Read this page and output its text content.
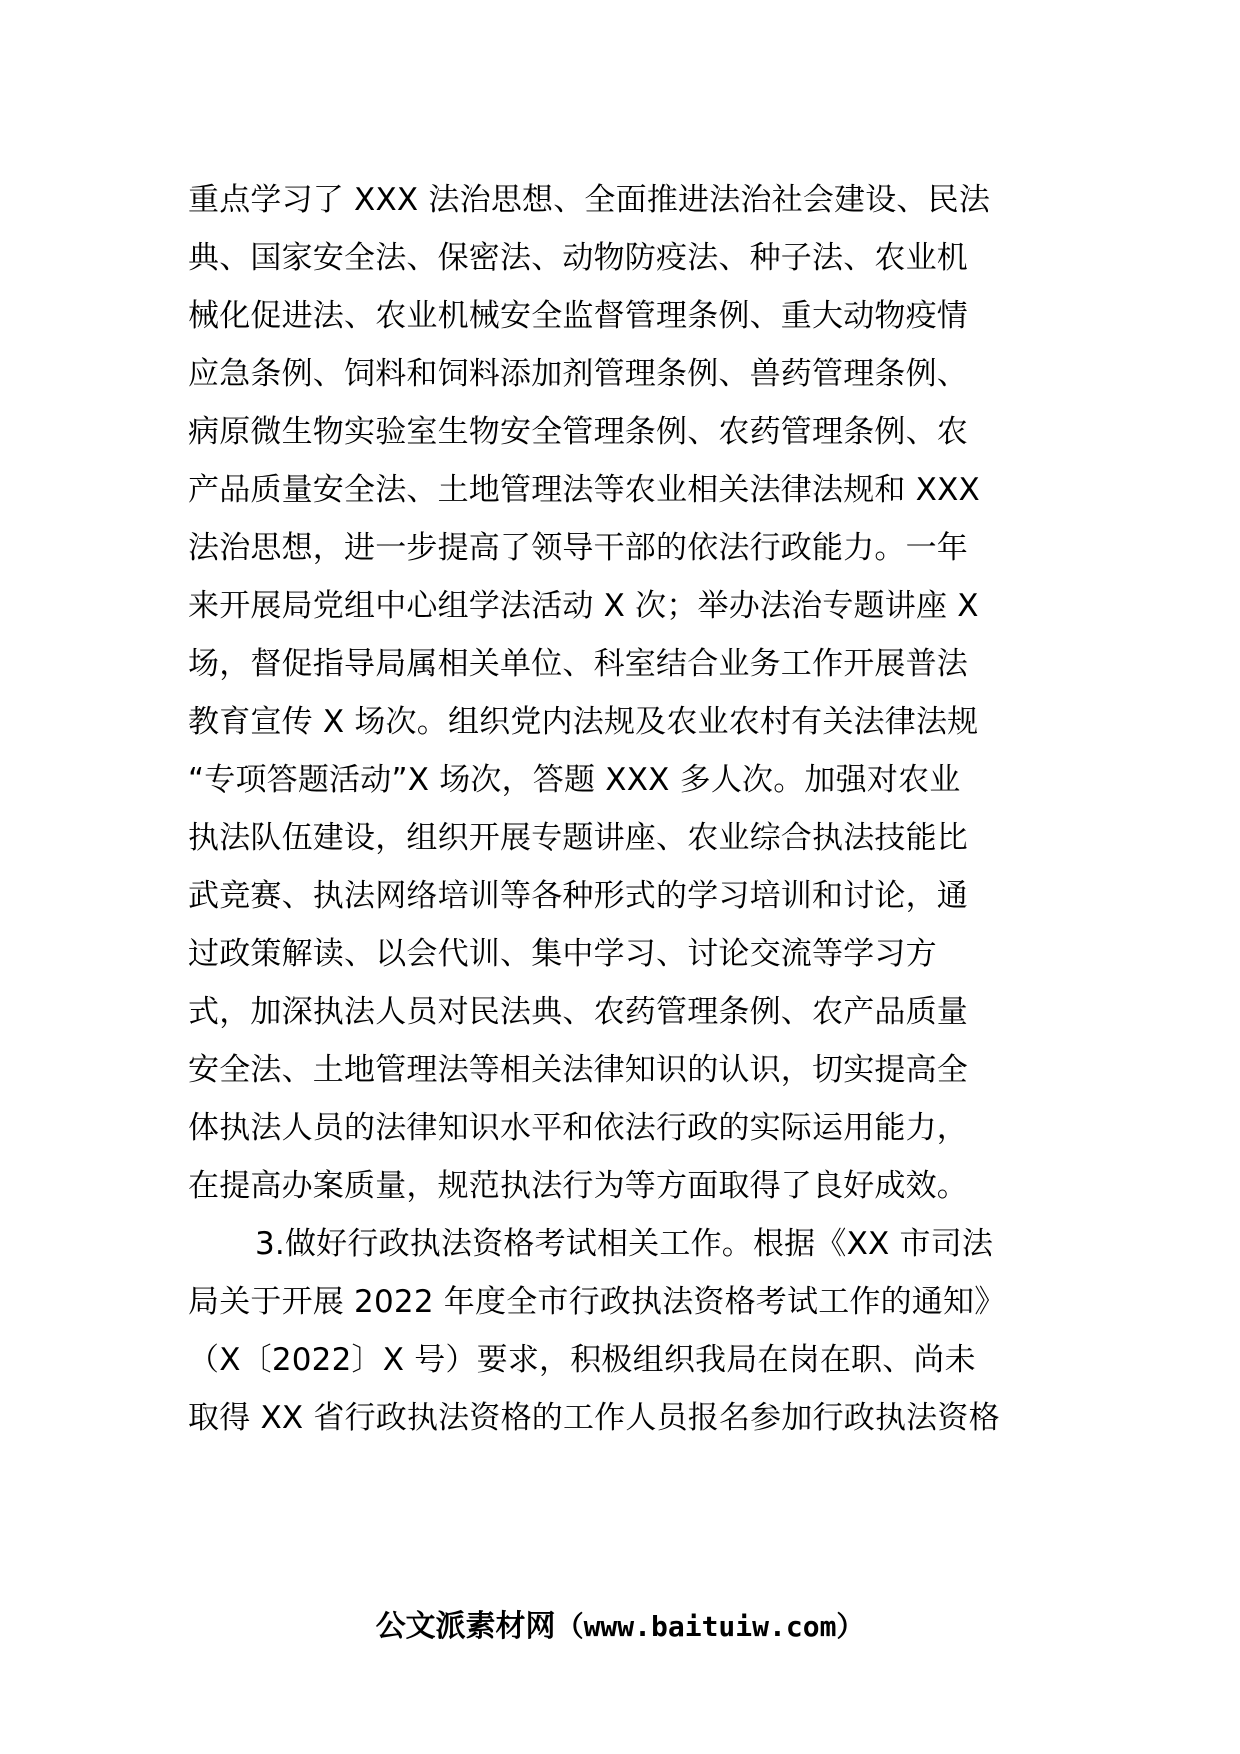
重点学习了 XXX 法治思想、全面推进法治社会建设、民法
典、国家安全法、保密法、动物防疫法、种子法、农业机
械化促进法、农业机械安全监督管理条例、重大动物疫情
应急条例、饲料和饲料添加剂管理条例、兽药管理条例、
病原微生物实验室生物安全管理条例、农药管理条例、农
产品质量安全法、土地管理法等农业相关法律法规和 XXX
法治思想，进一步提高了领导干部的依法行政能力。一年
来开展局党组中心组学法活动 X 次；举办法治专题讲座 X
场，督促指导局属相关单位、科室结合业务工作开展普法
教育宣传 X 场次。组织党内法规及农业农村有关法律法规
“专项答题活动”X 场次，答题 XXX 多人次。加强对农业
执法队伍建设，组织开展专题讲座、农业综合执法技能比
武竞赛、执法网络培训等各种形式的学习培训和讨论，通
过政策解读、以会代训、集中学习、讨论交流等学习方
式，加深执法人员对民法典、农药管理条例、农产品质量
安全法、土地管理法等相关法律知识的认识，切实提高全
体执法人员的法律知识水平和依法行政的实际运用能力，
在提高办案质量，规范执法行为等方面取得了良好成效。
3.做好行政执法资格考试相关工作。根据《XX 市司法
局关于开展 2022 年度全市行政执法资格考试工作的通知》
（X〔2022〕X 号）要求，积极组织我局在岗在职、尚未
取得 XX 省行政执法资格的工作人员报名参加行政执法资格
公文派素材网（www.baituiw.com）
